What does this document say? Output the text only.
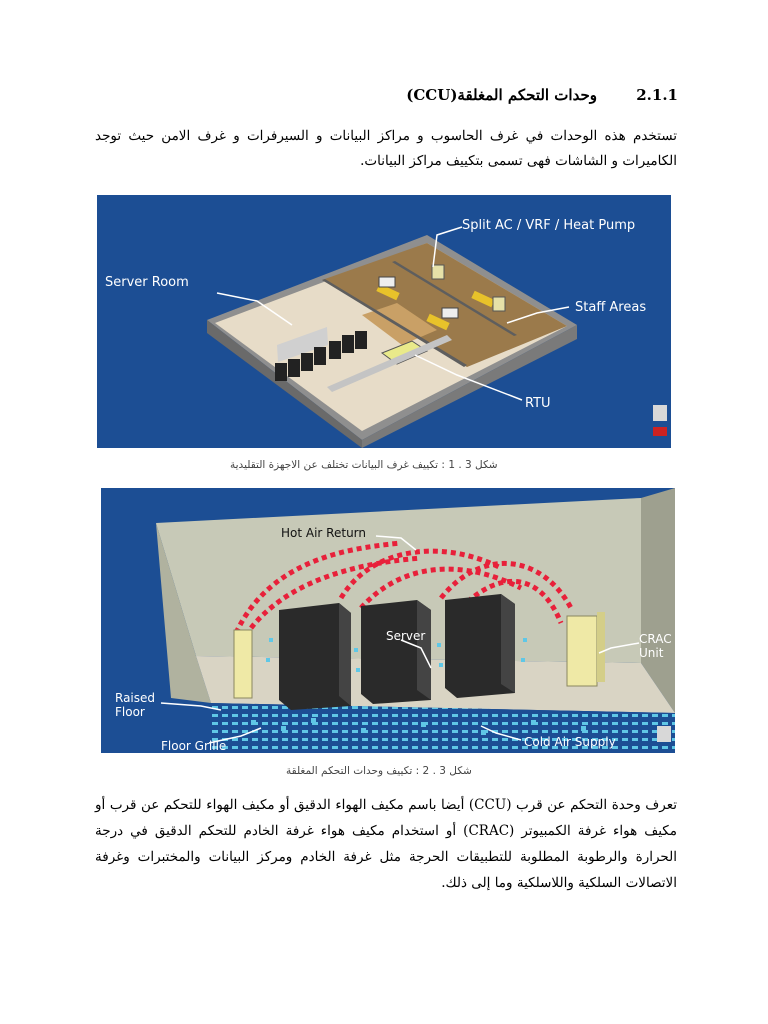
2.1.1 وحدات التحكم المغلقة(CCU)
تستخدم هذه الوحدات في غرف الحاسوب و مراكز البيانات و السيرفرات و غرف الامن حيث توجد الكاميرات و الشاشات فهى تسمى بتكييف مراكز البيانات.
Server Room
Split AC / VRF / Heat Pump
Staff Areas
RTU
شكل 3 . 1 : تكييف غرف البيانات تختلف عن الاجهزة التقليدية
Hot Air Return
Server	CRAC
Unit
Raised
Floor
Floor Grille	Cold Air Supply
شكل 3 . 2 : تكييف وحدات التحكم المغلقة
تعرف وحدة التحكم عن قرب (CCU) أيضا باسم مكيف الهواء الدقيق أو مكيف الهواء للتحكم عن قرب أو مكيف هواء غرفة الكمبيوتر (CRAC) أو استخدام مكيف هواء غرفة الخادم للتحكم الدقيق في درجة الحرارة والرطوبة المطلوبة للتطبيقات الحرجة مثل غرفة الخادم ومركز البيانات والمختبرات وغرفة الاتصالات السلكية واللاسلكية وما إلى ذلك.
